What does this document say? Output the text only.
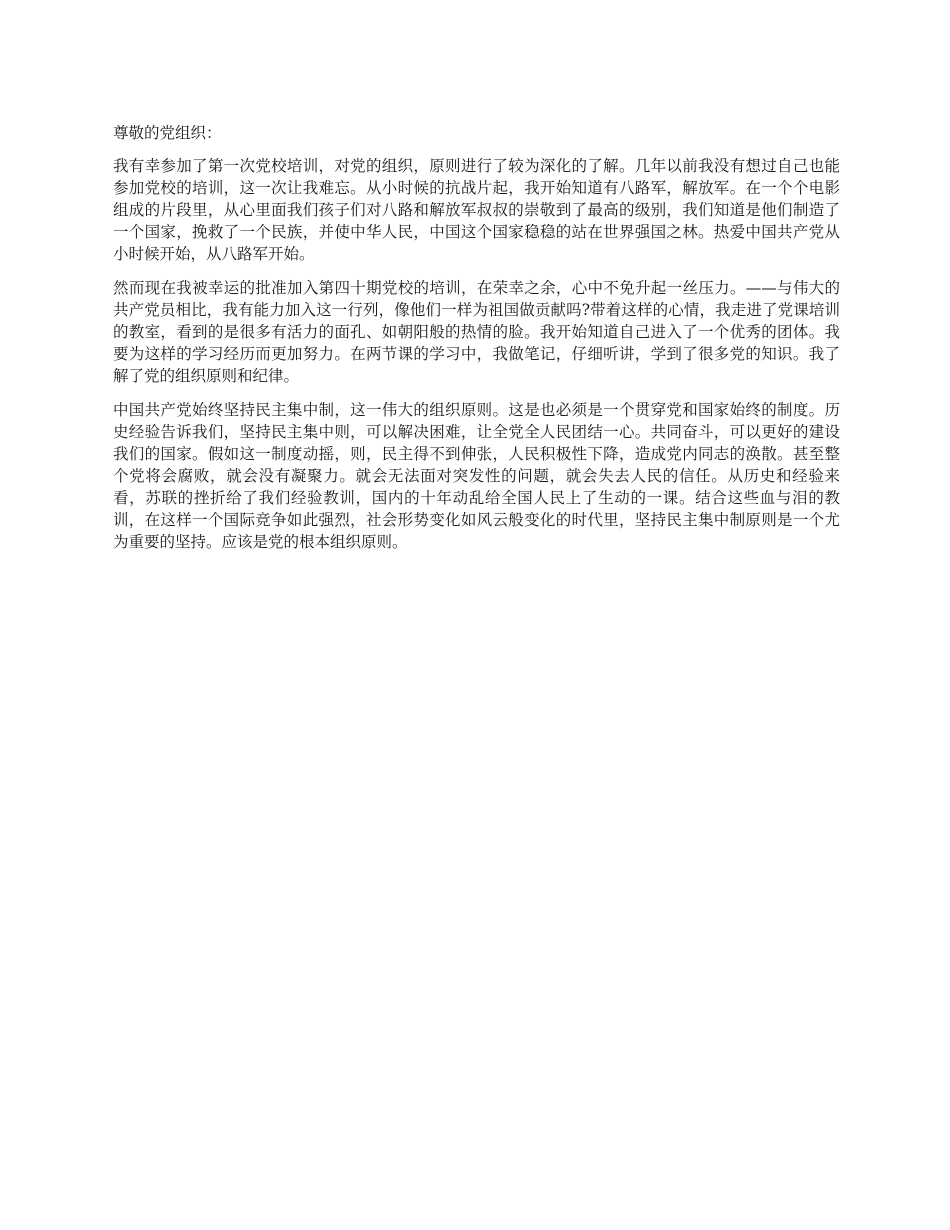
尊敬的党组织：

我有幸参加了第一次党校培训，对党的组织，原则进行了较为深化的了解。几年以前我没有想过自己也能参加党校的培训，这一次让我难忘。从小时候的抗战片起，我开始知道有八路军，解放军。在一个个电影组成的片段里，从心里面我们孩子们对八路和解放军叔叔的崇敬到了最高的级别，我们知道是他们制造了一个国家，挽救了一个民族，并使中华人民，中国这个国家稳稳的站在世界强国之林。热爱中国共产党从小时候开始，从八路军开始。

然而现在我被幸运的批准加入第四十期党校的培训，在荣幸之余，心中不免升起一丝压力。——与伟大的共产党员相比，我有能力加入这一行列，像他们一样为祖国做贡献吗?带着这样的心情，我走进了党课培训的教室，看到的是很多有活力的面孔、如朝阳般的热情的脸。我开始知道自己进入了一个优秀的团体。我要为这样的学习经历而更加努力。在两节课的学习中，我做笔记，仔细听讲，学到了很多党的知识。我了解了党的组织原则和纪律。

中国共产党始终坚持民主集中制，这一伟大的组织原则。这是也必须是一个贯穿党和国家始终的制度。历史经验告诉我们，坚持民主集中则，可以解决困难，让全党全人民团结一心。共同奋斗，可以更好的建设我们的国家。假如这一制度动摇，则，民主得不到伸张，人民积极性下降，造成党内同志的涣散。甚至整个党将会腐败，就会没有凝聚力。就会无法面对突发性的问题，就会失去人民的信任。从历史和经验来看，苏联的挫折给了我们经验教训，国内的十年动乱给全国人民上了生动的一课。结合这些血与泪的教训，在这样一个国际竞争如此强烈，社会形势变化如风云般变化的时代里，坚持民主集中制原则是一个尤为重要的坚持。应该是党的根本组织原则。
